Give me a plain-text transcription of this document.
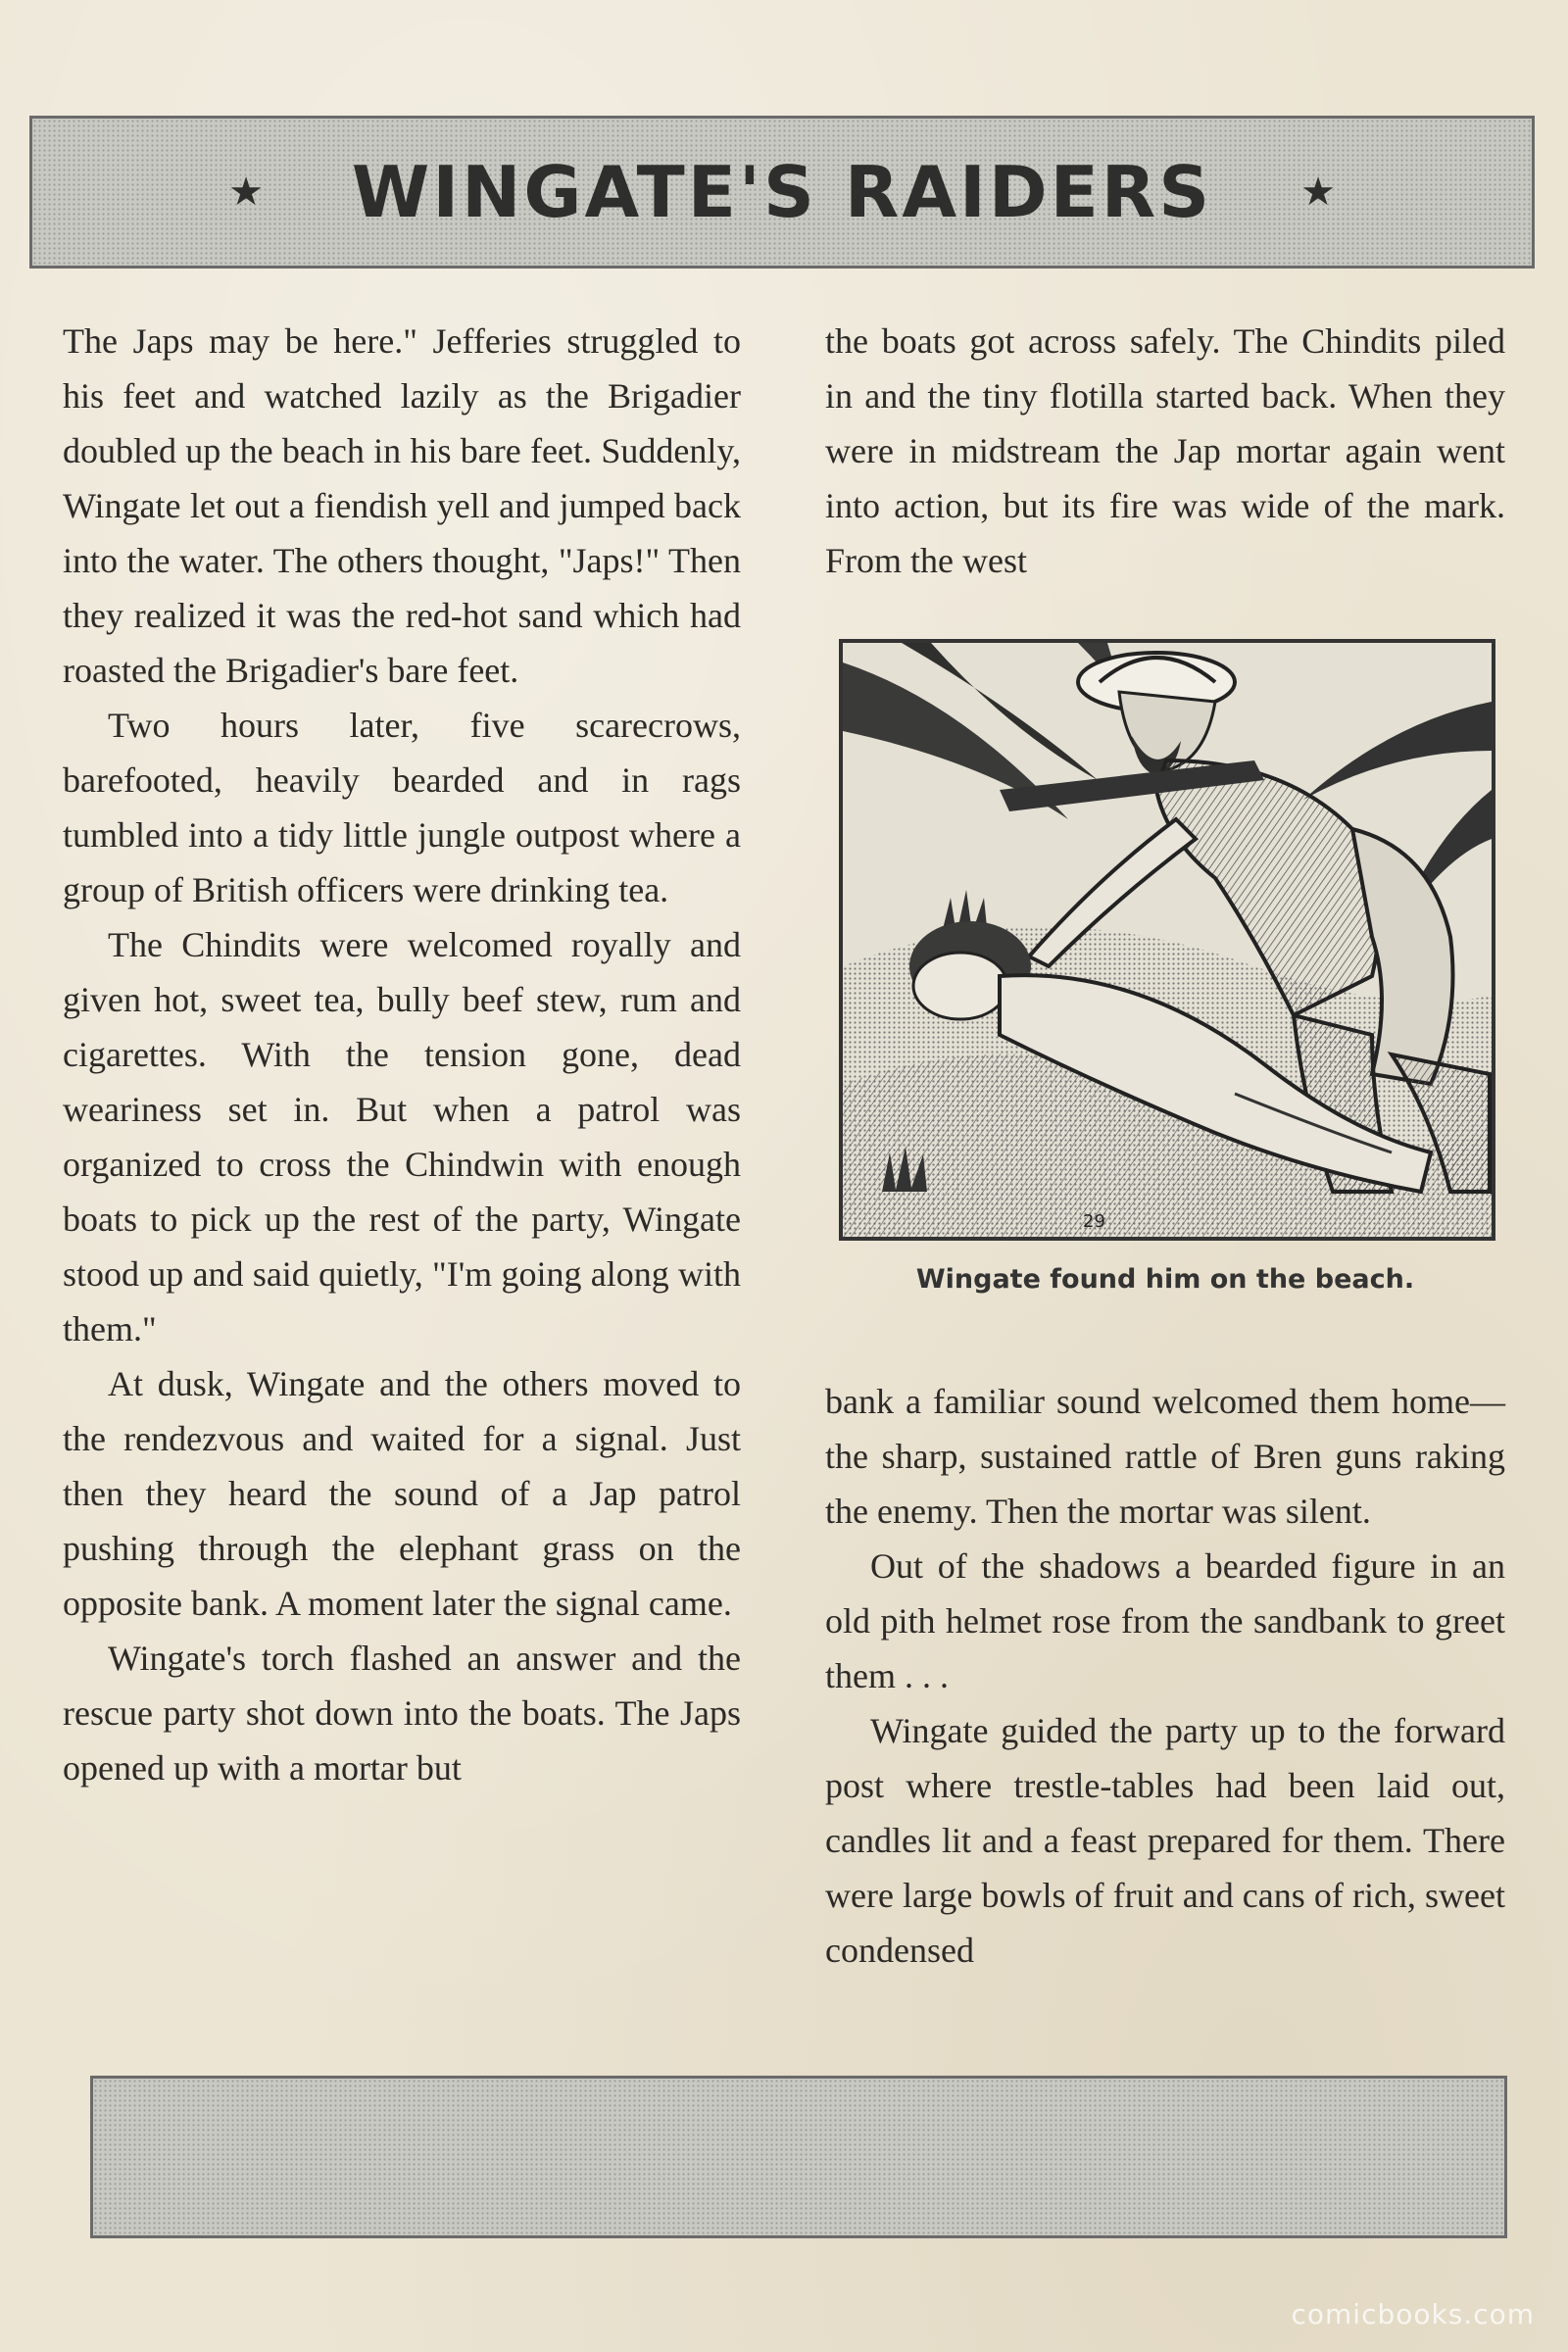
★ WINGATE'S RAIDERS ★

The Japs may be here." Jefferies struggled to his feet and watched lazily as the Brigadier doubled up the beach in his bare feet. Suddenly, Wingate let out a fiendish yell and jumped back into the water. The others thought, "Japs!" Then they realized it was the red-hot sand which had roasted the Brigadier's bare feet.

Two hours later, five scarecrows, barefooted, heavily bearded and in rags tumbled into a tidy little jungle outpost where a group of British officers were drinking tea.

The Chindits were welcomed royally and given hot, sweet tea, bully beef stew, rum and cigarettes. With the tension gone, dead weariness set in. But when a patrol was organized to cross the Chindwin with enough boats to pick up the rest of the party, Wingate stood up and said quietly, "I'm going along with them."

At dusk, Wingate and the others moved to the rendezvous and waited for a signal. Just then they heard the sound of a Jap patrol pushing through the elephant grass on the opposite bank. A moment later the signal came.

Wingate's torch flashed an answer and the rescue party shot down into the boats. The Japs opened up with a mortar but

the boats got across safely. The Chindits piled in and the tiny flotilla started back. When they were in midstream the Jap mortar again went into action, but its fire was wide of the mark. From the west

29
Wingate found him on the beach.

bank a familiar sound welcomed them home—the sharp, sustained rattle of Bren guns raking the enemy. Then the mortar was silent.

Out of the shadows a bearded figure in an old pith helmet rose from the sandbank to greet them . . .

Wingate guided the party up to the forward post where trestle-tables had been laid out, candles lit and a feast prepared for them. There were large bowls of fruit and cans of rich, sweet condensed

comicbooks.com
